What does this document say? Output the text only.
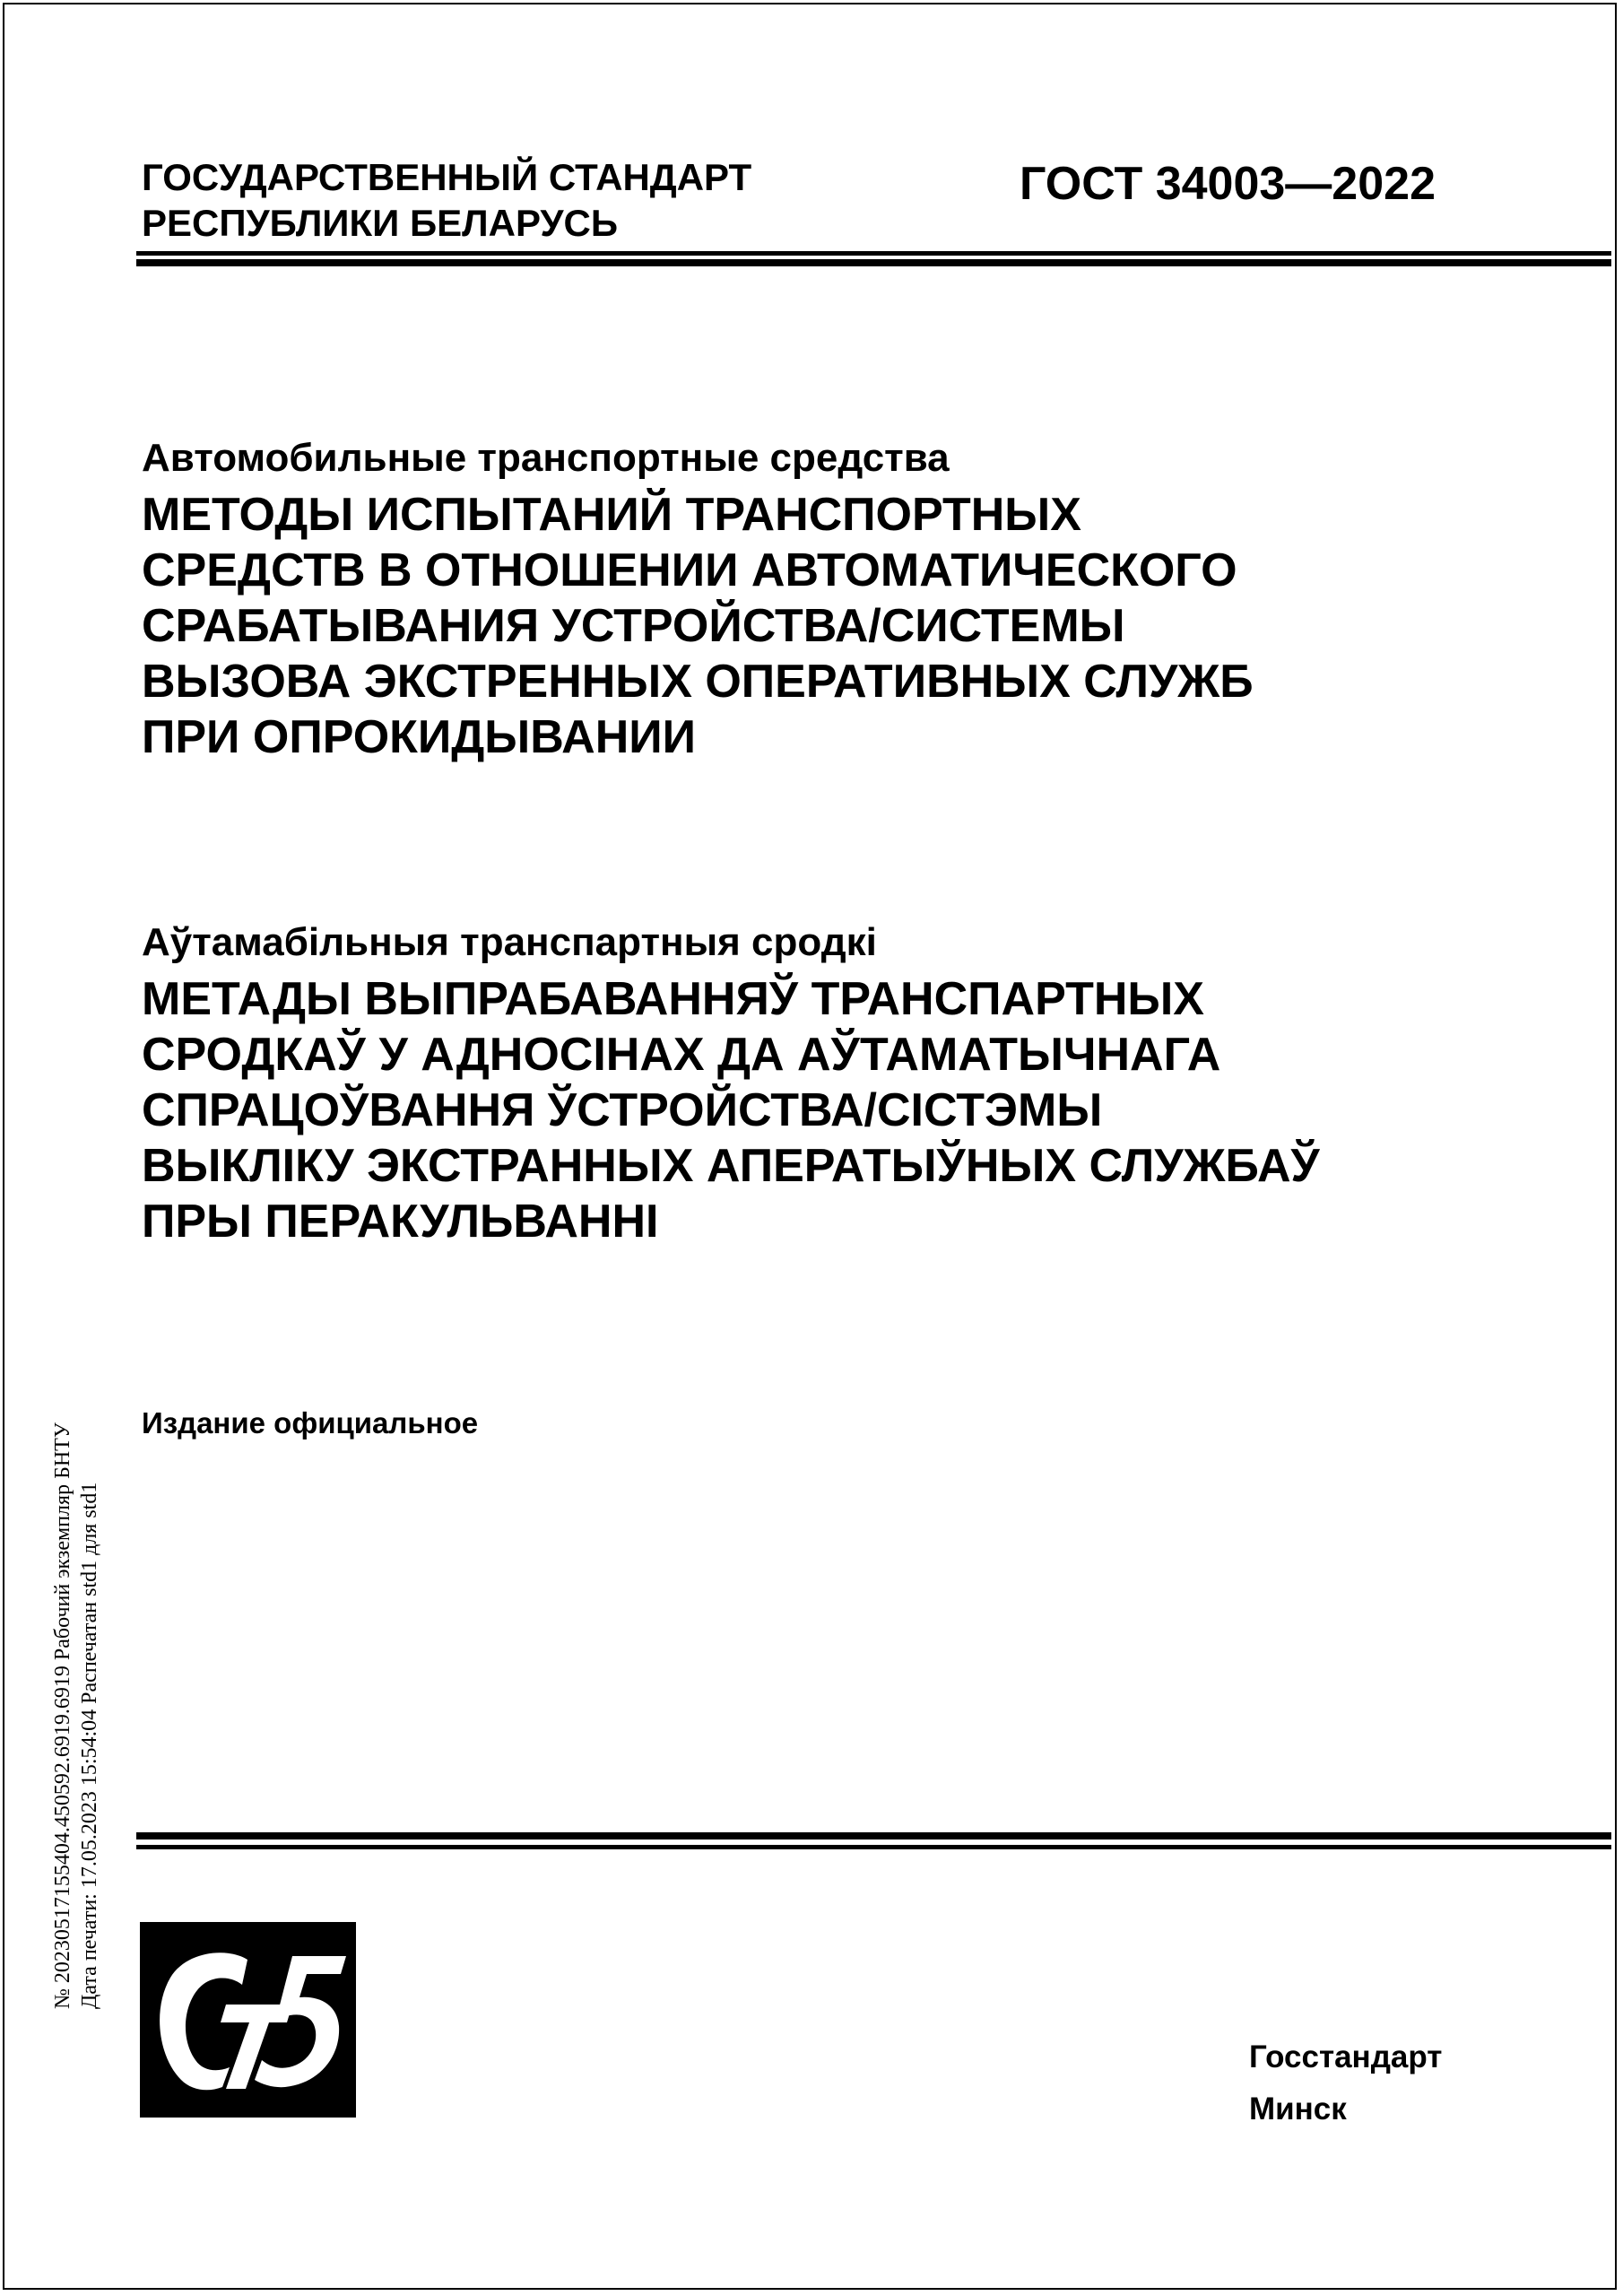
ГОСУДАРСТВЕННЫЙ СТАНДАРТ
РЕСПУБЛИКИ БЕЛАРУСЬ
ГОСТ 34003—2022
Автомобильные транспортные средства
МЕТОДЫ ИСПЫТАНИЙ ТРАНСПОРТНЫХ
СРЕДСТВ В ОТНОШЕНИИ АВТОМАТИЧЕСКОГО
СРАБАТЫВАНИЯ УСТРОЙСТВА/СИСТЕМЫ
ВЫЗОВА ЭКСТРЕННЫХ ОПЕРАТИВНЫХ СЛУЖБ
ПРИ ОПРОКИДЫВАНИИ
Аўтамабільныя транспартныя сродкі
МЕТАДЫ ВЫПРАБАВАННЯЎ ТРАНСПАРТНЫХ
СРОДКАЎ У АДНОСІНАХ ДА АЎТАМАТЫЧНАГА
СПРАЦОЎВАННЯ ЎСТРОЙСТВА/СІСТЭМЫ
ВЫКЛІКУ ЭКСТРАННЫХ АПЕРАТЫЎНЫХ СЛУЖБАЎ
ПРЫ ПЕРАКУЛЬВАННІ
Издание официальное
№ 20230517155404.450592.6919.6919 Рабочий экземпляр БНТУ Дата печати: 17.05.2023 15:54:04 Распечатан std1 для std1
Госстандарт
Минск
